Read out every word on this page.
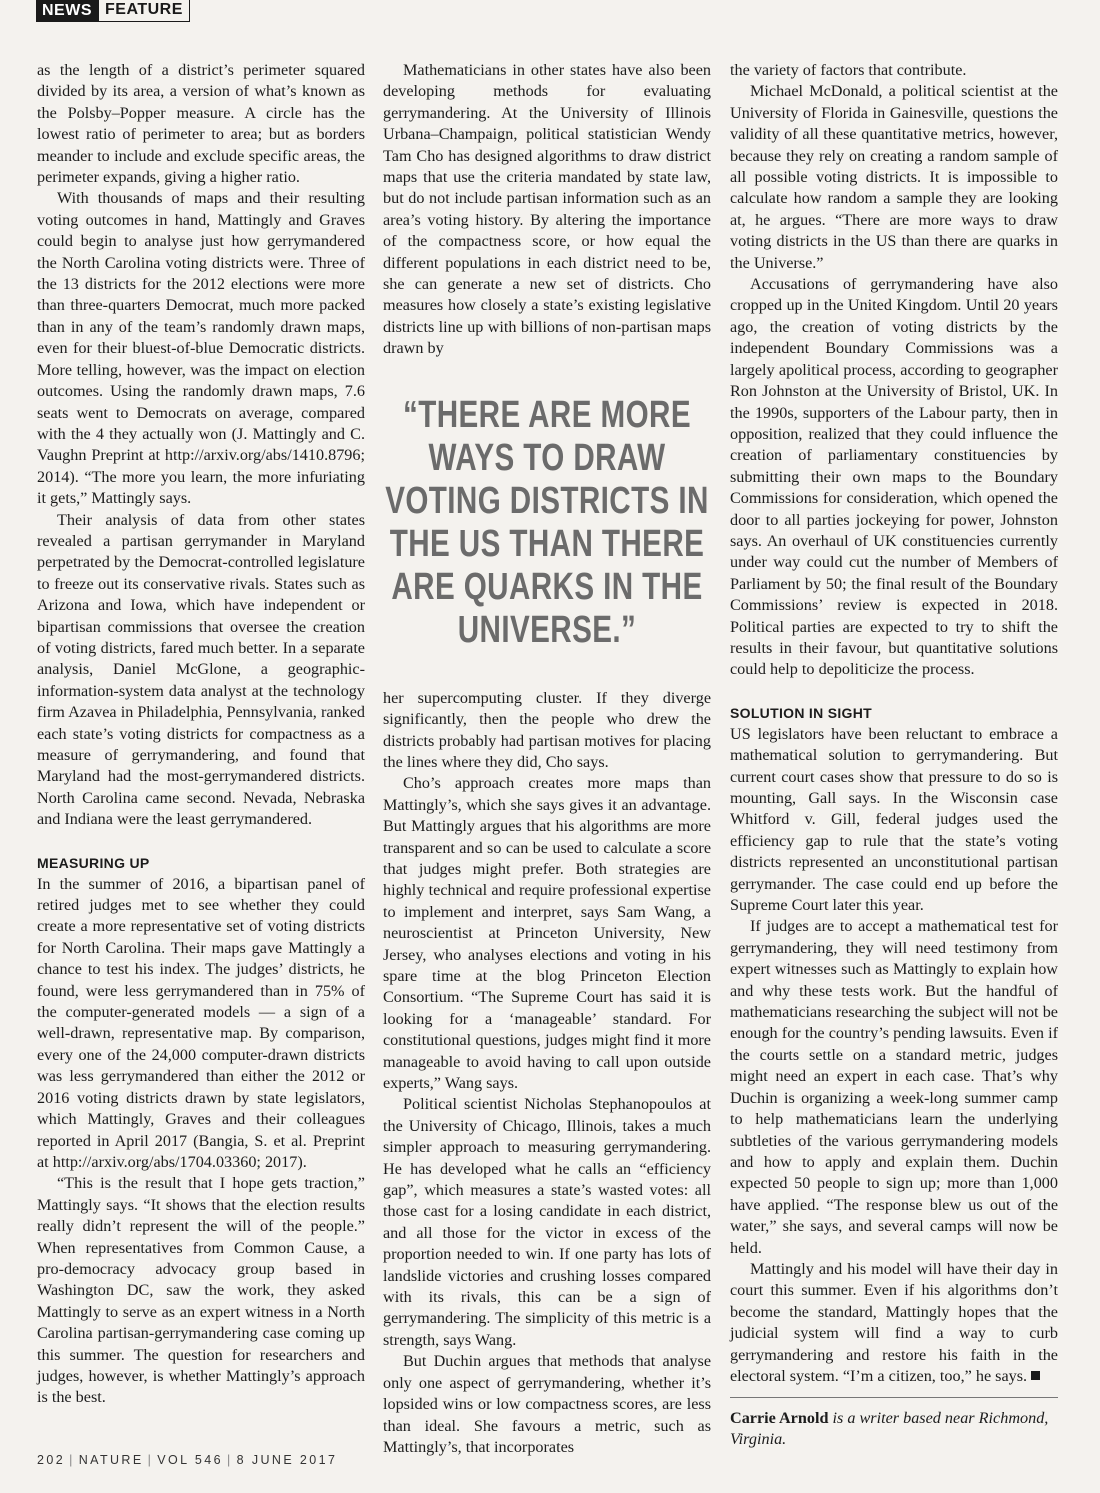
NEWS FEATURE

as the length of a district’s perimeter squared divided by its area, a version of what’s known as the Polsby–Popper measure. A circle has the lowest ratio of perimeter to area; but as borders meander to include and exclude specific areas, the perimeter expands, giving a higher ratio.

With thousands of maps and their resulting voting outcomes in hand, Mattingly and Graves could begin to analyse just how gerrymandered the North Carolina voting districts were. Three of the 13 districts for the 2012 elections were more than three-quarters Democrat, much more packed than in any of the team’s randomly drawn maps, even for their bluest-of-blue Democratic districts. More telling, however, was the impact on election outcomes. Using the randomly drawn maps, 7.6 seats went to Democrats on average, compared with the 4 they actually won (J. Mattingly and C. Vaughn Preprint at http://arxiv.org/abs/1410.8796; 2014). “The more you learn, the more infuriating it gets,” Mattingly says.

Their analysis of data from other states revealed a partisan gerrymander in Maryland perpetrated by the Democrat-controlled legislature to freeze out its conservative rivals. States such as Arizona and Iowa, which have independent or bipartisan commissions that oversee the creation of voting districts, fared much better. In a separate analysis, Daniel McGlone, a geographic-information-system data analyst at the technology firm Azavea in Philadelphia, Pennsylvania, ranked each state’s voting districts for compactness as a measure of gerrymandering, and found that Maryland had the most-gerrymandered districts. North Carolina came second. Nevada, Nebraska and Indiana were the least gerrymandered.

MEASURING UP

In the summer of 2016, a bipartisan panel of retired judges met to see whether they could create a more representative set of voting districts for North Carolina. Their maps gave Mattingly a chance to test his index. The judges’ districts, he found, were less gerrymandered than in 75% of the computer-generated models — a sign of a well-drawn, representative map. By comparison, every one of the 24,000 computer-drawn districts was less gerrymandered than either the 2012 or 2016 voting districts drawn by state legislators, which Mattingly, Graves and their colleagues reported in April 2017 (Bangia, S. et al. Preprint at http://arxiv.org/abs/1704.03360; 2017).

“This is the result that I hope gets traction,” Mattingly says. “It shows that the election results really didn’t represent the will of the people.” When representatives from Common Cause, a pro-democracy advocacy group based in Washington DC, saw the work, they asked Mattingly to serve as an expert witness in a North Carolina partisan-gerrymandering case coming up this summer. The question for researchers and judges, however, is whether Mattingly’s approach is the best.

Mathematicians in other states have also been developing methods for evaluating gerrymandering. At the University of Illinois Urbana–Champaign, political statistician Wendy Tam Cho has designed algorithms to draw district maps that use the criteria mandated by state law, but do not include partisan information such as an area’s voting history. By altering the importance of the compactness score, or how equal the different populations in each district need to be, she can generate a new set of districts. Cho measures how closely a state’s existing legislative districts line up with billions of non-partisan maps drawn by

“THERE ARE MORE WAYS TO DRAW VOTING DISTRICTS IN THE US THAN THERE ARE QUARKS IN THE UNIVERSE.”

her supercomputing cluster. If they diverge significantly, then the people who drew the districts probably had partisan motives for placing the lines where they did, Cho says.

Cho’s approach creates more maps than Mattingly’s, which she says gives it an advantage. But Mattingly argues that his algorithms are more transparent and so can be used to calculate a score that judges might prefer. Both strategies are highly technical and require professional expertise to implement and interpret, says Sam Wang, a neuroscientist at Princeton University, New Jersey, who analyses elections and voting in his spare time at the blog Princeton Election Consortium. “The Supreme Court has said it is looking for a ‘manageable’ standard. For constitutional questions, judges might find it more manageable to avoid having to call upon outside experts,” Wang says.

Political scientist Nicholas Stephanopoulos at the University of Chicago, Illinois, takes a much simpler approach to measuring gerrymandering. He has developed what he calls an “efficiency gap”, which measures a state’s wasted votes: all those cast for a losing candidate in each district, and all those for the victor in excess of the proportion needed to win. If one party has lots of landslide victories and crushing losses compared with its rivals, this can be a sign of gerrymandering. The simplicity of this metric is a strength, says Wang.

But Duchin argues that methods that analyse only one aspect of gerrymandering, whether it’s lopsided wins or low compactness scores, are less than ideal. She favours a metric, such as Mattingly’s, that incorporates

the variety of factors that contribute.

Michael McDonald, a political scientist at the University of Florida in Gainesville, questions the validity of all these quantitative metrics, however, because they rely on creating a random sample of all possible voting districts. It is impossible to calculate how random a sample they are looking at, he argues. “There are more ways to draw voting districts in the US than there are quarks in the Universe.”

Accusations of gerrymandering have also cropped up in the United Kingdom. Until 20 years ago, the creation of voting districts by the independent Boundary Commissions was a largely apolitical process, according to geographer Ron Johnston at the University of Bristol, UK. In the 1990s, supporters of the Labour party, then in opposition, realized that they could influence the creation of parliamentary constituencies by submitting their own maps to the Boundary Commissions for consideration, which opened the door to all parties jockeying for power, Johnston says. An overhaul of UK constituencies currently under way could cut the number of Members of Parliament by 50; the final result of the Boundary Commissions’ review is expected in 2018. Political parties are expected to try to shift the results in their favour, but quantitative solutions could help to depoliticize the process.

SOLUTION IN SIGHT

US legislators have been reluctant to embrace a mathematical solution to gerrymandering. But current court cases show that pressure to do so is mounting, Gall says. In the Wisconsin case Whitford v. Gill, federal judges used the efficiency gap to rule that the state’s voting districts represented an unconstitutional partisan gerrymander. The case could end up before the Supreme Court later this year.

If judges are to accept a mathematical test for gerrymandering, they will need testimony from expert witnesses such as Mattingly to explain how and why these tests work. But the handful of mathematicians researching the subject will not be enough for the country’s pending lawsuits. Even if the courts settle on a standard metric, judges might need an expert in each case. That’s why Duchin is organizing a week-long summer camp to help mathematicians learn the underlying subtleties of the various gerrymandering models and how to apply and explain them. Duchin expected 50 people to sign up; more than 1,000 have applied. “The response blew us out of the water,” she says, and several camps will now be held.

Mattingly and his model will have their day in court this summer. Even if his algorithms don’t become the standard, Mattingly hopes that the judicial system will find a way to curb gerrymandering and restore his faith in the electoral system. “I’m a citizen, too,” he says.

Carrie Arnold is a writer based near Richmond, Virginia.
202 | NATURE | VOL 546 | 8 JUNE 2017
